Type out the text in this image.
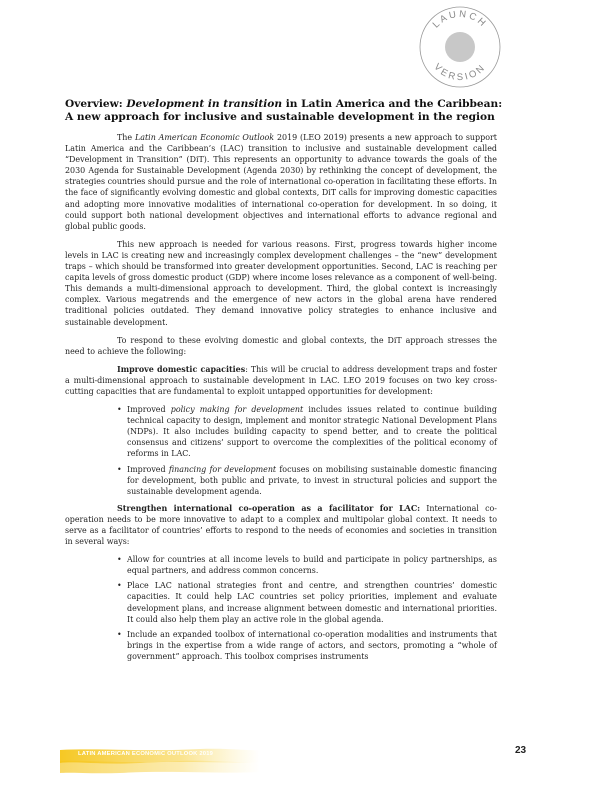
LAUNCH
VERSION
Overview: Development in transition in Latin America and the Caribbean:
A new approach for inclusive and sustainable development in the region

The Latin American Economic Outlook 2019 (LEO 2019) presents a new approach to support Latin America and the Caribbean’s (LAC) transition to inclusive and sustainable development called “Development in Transition” (DiT). This represents an opportunity to advance towards the goals of the 2030 Agenda for Sustainable Development (Agenda 2030) by rethinking the concept of development, the strategies countries should pursue and the role of international co-operation in facilitating these efforts. In the face of significantly evolving domestic and global contexts, DiT calls for improving domestic capacities and adopting more innovative modalities of international co-operation for development. In so doing, it could support both national development objectives and international efforts to advance regional and global public goods.

This new approach is needed for various reasons. First, progress towards higher income levels in LAC is creating new and increasingly complex development challenges – the “new” development traps – which should be transformed into greater development opportunities. Second, LAC is reaching per capita levels of gross domestic product (GDP) where income loses relevance as a component of well-being. This demands a multi-dimensional approach to development. Third, the global context is increasingly complex. Various megatrends and the emergence of new actors in the global arena have rendered traditional policies outdated. They demand innovative policy strategies to enhance inclusive and sustainable development.

To respond to these evolving domestic and global contexts, the DiT approach stresses the need to achieve the following:

Improve domestic capacities: This will be crucial to address development traps and foster a multi-dimensional approach to sustainable development in LAC. LEO 2019 focuses on two key cross-cutting capacities that are fundamental to exploit untapped opportunities for development:

• Improved policy making for development includes issues related to continue building technical capacity to design, implement and monitor strategic National Development Plans (NDPs). It also includes building capacity to spend better, and to create the political consensus and citizens’ support to overcome the complexities of the political economy of reforms in LAC.
• Improved financing for development focuses on mobilising sustainable domestic financing for development, both public and private, to invest in structural policies and support the sustainable development agenda.

Strengthen international co-operation as a facilitator for LAC: International co-operation needs to be more innovative to adapt to a complex and multipolar global context. It needs to serve as a facilitator of countries’ efforts to respond to the needs of economies and societies in transition in several ways:

• Allow for countries at all income levels to build and participate in policy partnerships, as equal partners, and address common concerns.
• Place LAC national strategies front and centre, and strengthen countries’ domestic capacities. It could help LAC countries set policy priorities, implement and evaluate development plans, and increase alignment between domestic and international priorities. It could also help them play an active role in the global agenda.
• Include an expanded toolbox of international co-operation modalities and instruments that brings in the expertise from a wide range of actors, and sectors, promoting a “whole of government” approach. This toolbox comprises instruments
LATIN AMERICAN ECONOMIC OUTLOOK 2019	23
